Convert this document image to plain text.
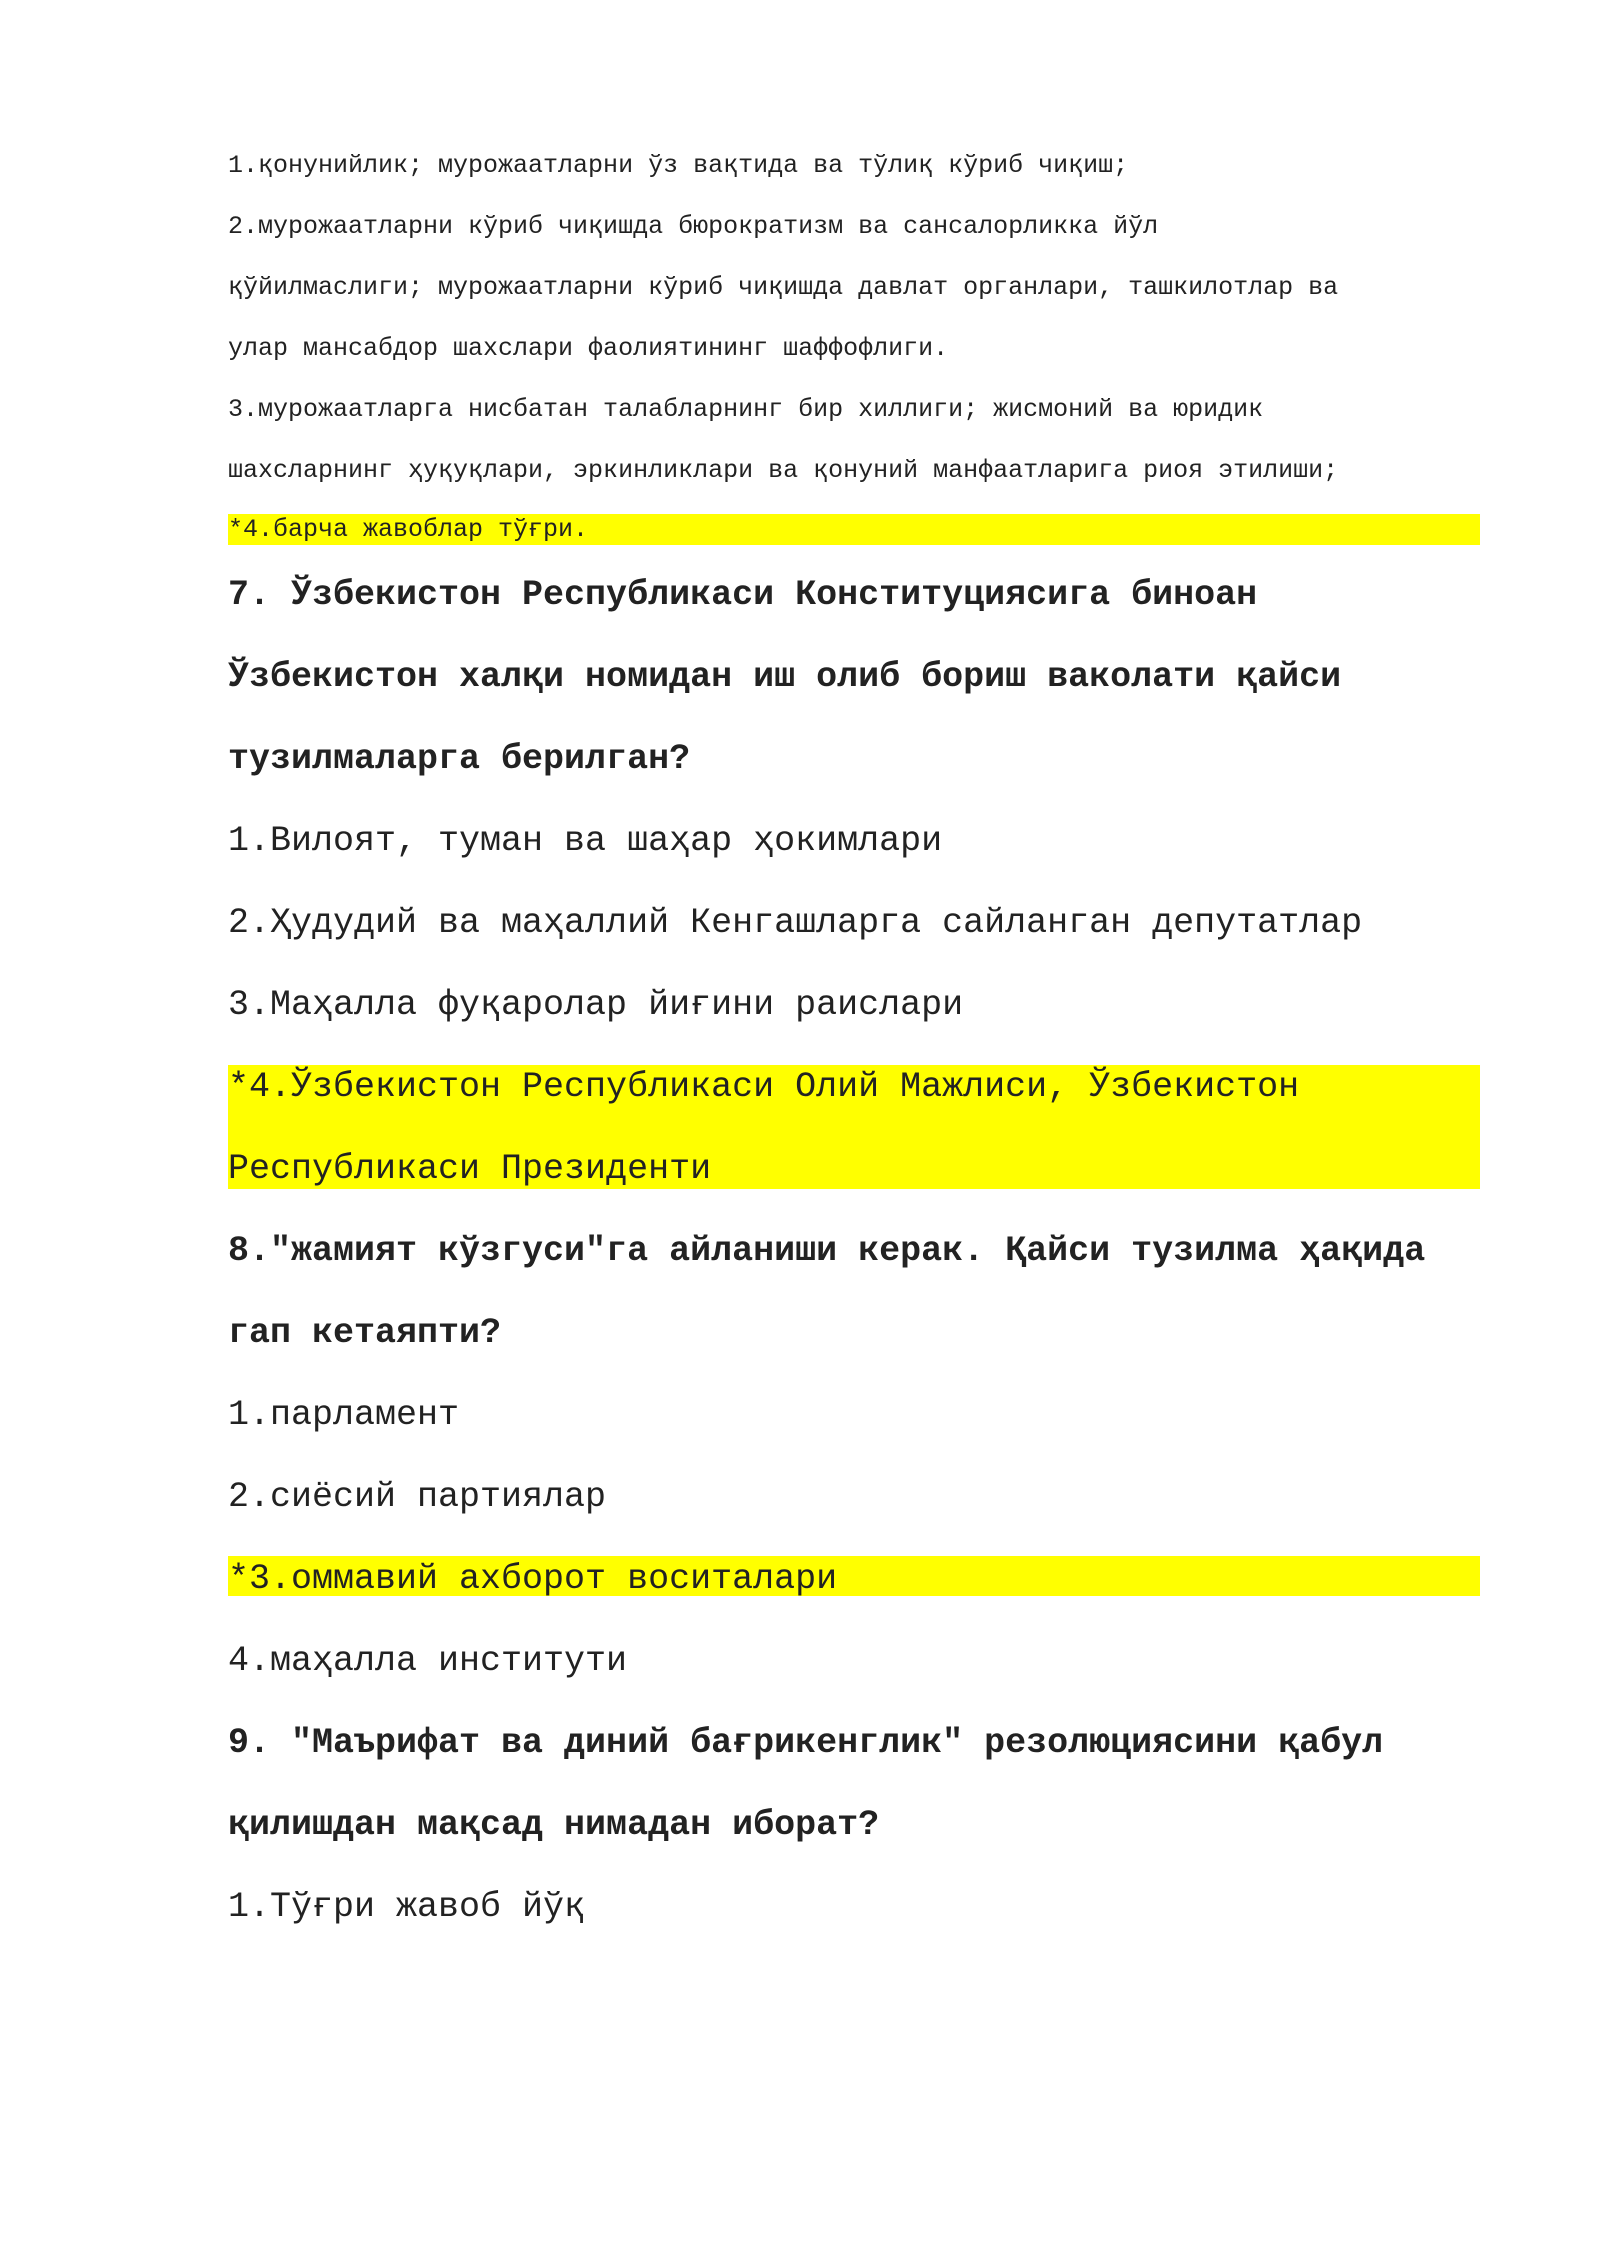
1.қонунийлик; мурожаатларни ўз вақтида ва тўлиқ кўриб чиқиш;
2.мурожаатларни кўриб чиқишда бюрократизм ва сансалорликка йўл
қўйилмаслиги; мурожаатларни кўриб чиқишда давлат органлари, ташкилотлар ва
улар мансабдор шахслари фаолиятининг шаффофлиги.
3.мурожаатларга нисбатан талабларнинг бир хиллиги; жисмоний ва юридик
шахсларнинг ҳуқуқлари, эркинликлари ва қонуний манфаатларига риоя этилиши;
*4.барча жавоблар тўғри.
7. Ўзбекистон Республикаси Конституциясига биноан
Ўзбекистон халқи номидан иш олиб бориш ваколати қайси
тузилмаларга берилган?
1.Вилоят, туман ва шаҳар ҳокимлари
2.Ҳудудий ва маҳаллий Кенгашларга сайланган депутатлар
3.Маҳалла фуқаролар йиғини раислари
*4.Ўзбекистон Республикаси Олий Мажлиси, Ўзбекистон
Республикаси Президенти
8."жамият кўзгуси"га айланиши керак. Қайси тузилма ҳақида
гап кетаяпти?
1.парламент
2.сиёсий партиялар
*3.оммавий ахборот воситалари
4.маҳалла институти
9. "Маърифат ва диний бағрикенглик" резолюциясини қабул
қилишдан мақсад нимадан иборат?
1.Тўғри жавоб йўқ
